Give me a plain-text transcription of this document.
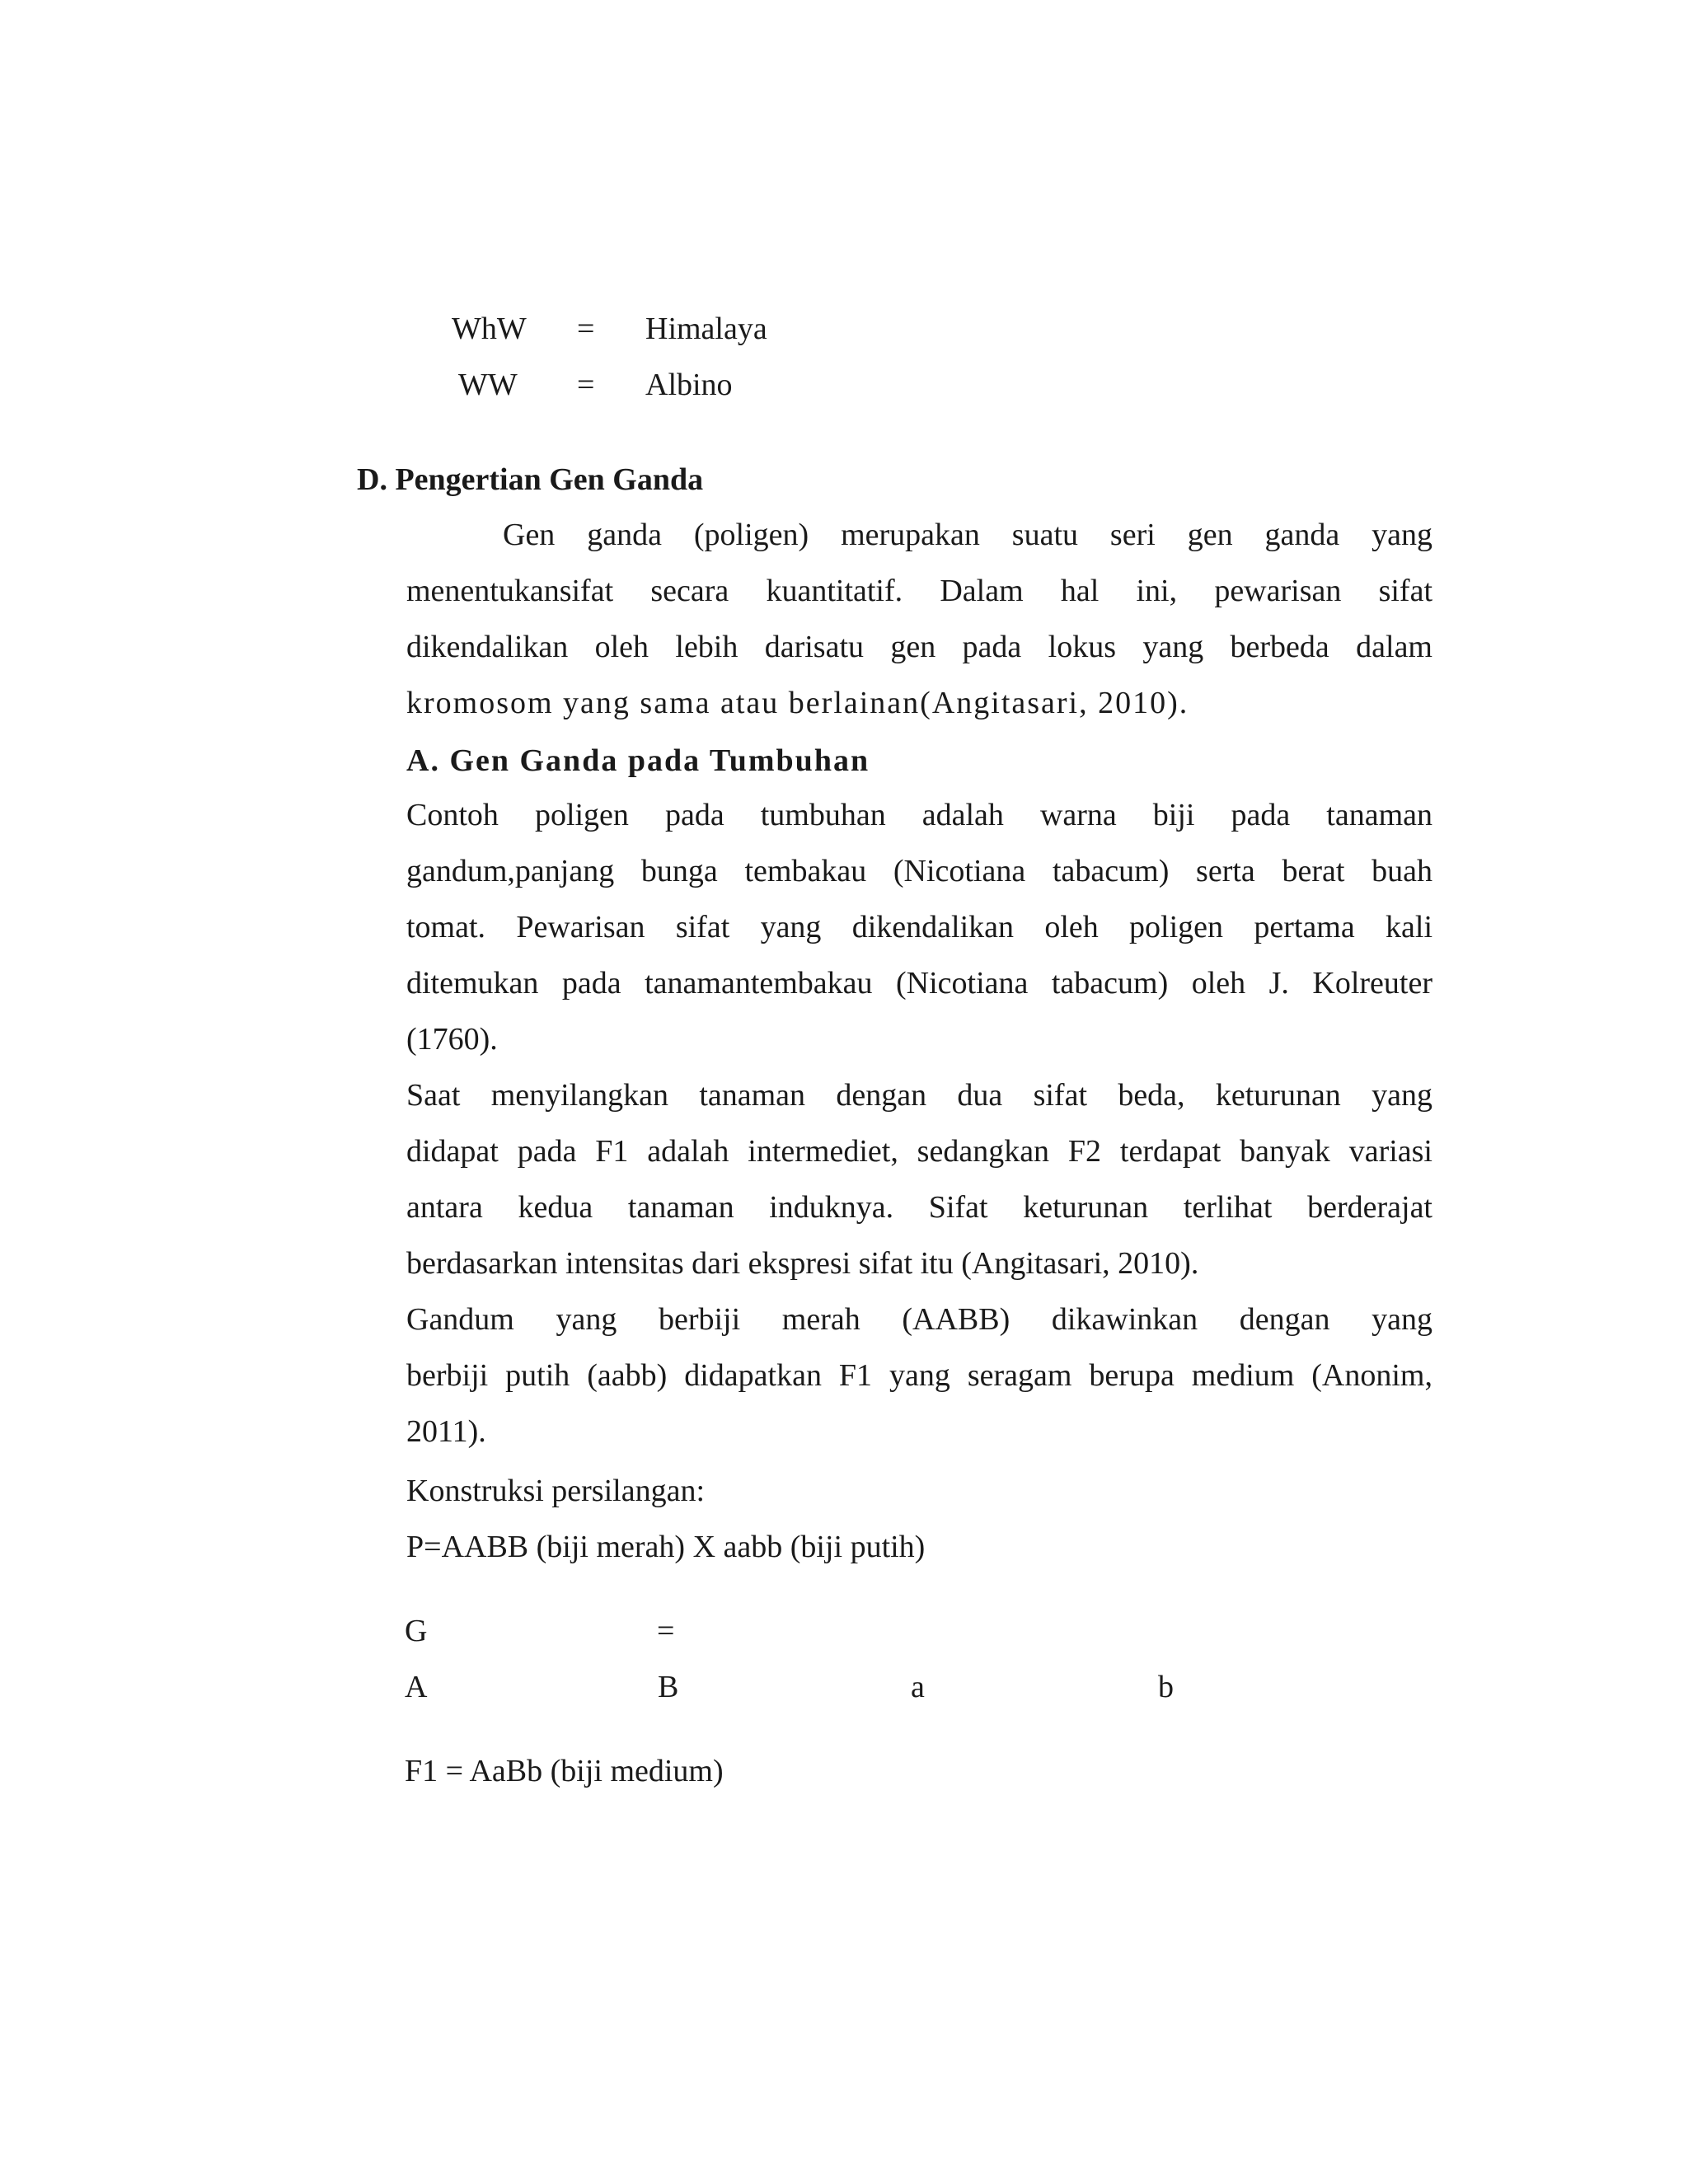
WhW = Himalaya
WW = Albino
D. Pengertian Gen Ganda
Gen ganda (poligen) merupakan suatu seri gen ganda yang
menentukansifat secara kuantitatif. Dalam hal ini, pewarisan sifat
dikendalikan oleh lebih darisatu gen pada lokus yang berbeda dalam
kromosom yang sama atau berlainan(Angitasari, 2010).
A. Gen Ganda pada Tumbuhan
Contoh poligen pada tumbuhan adalah warna biji pada tanaman
gandum,panjang bunga tembakau (Nicotiana tabacum) serta berat buah
tomat. Pewarisan sifat yang dikendalikan oleh poligen pertama kali
ditemukan pada tanamantembakau (Nicotiana tabacum) oleh J. Kolreuter
(1760).
Saat menyilangkan tanaman dengan dua sifat beda, keturunan yang
didapat pada F1 adalah intermediet, sedangkan F2 terdapat banyak variasi
antara kedua tanaman induknya. Sifat keturunan terlihat berderajat
berdasarkan intensitas dari ekspresi sifat itu (Angitasari, 2010).
Gandum yang berbiji merah (AABB) dikawinkan dengan yang
berbiji putih (aabb) didapatkan F1 yang seragam berupa medium (Anonim,
2011).
Konstruksi persilangan:
P=AABB (biji merah) X aabb (biji putih)
G	=
A	B	a	b
F1 = AaBb (biji medium)
